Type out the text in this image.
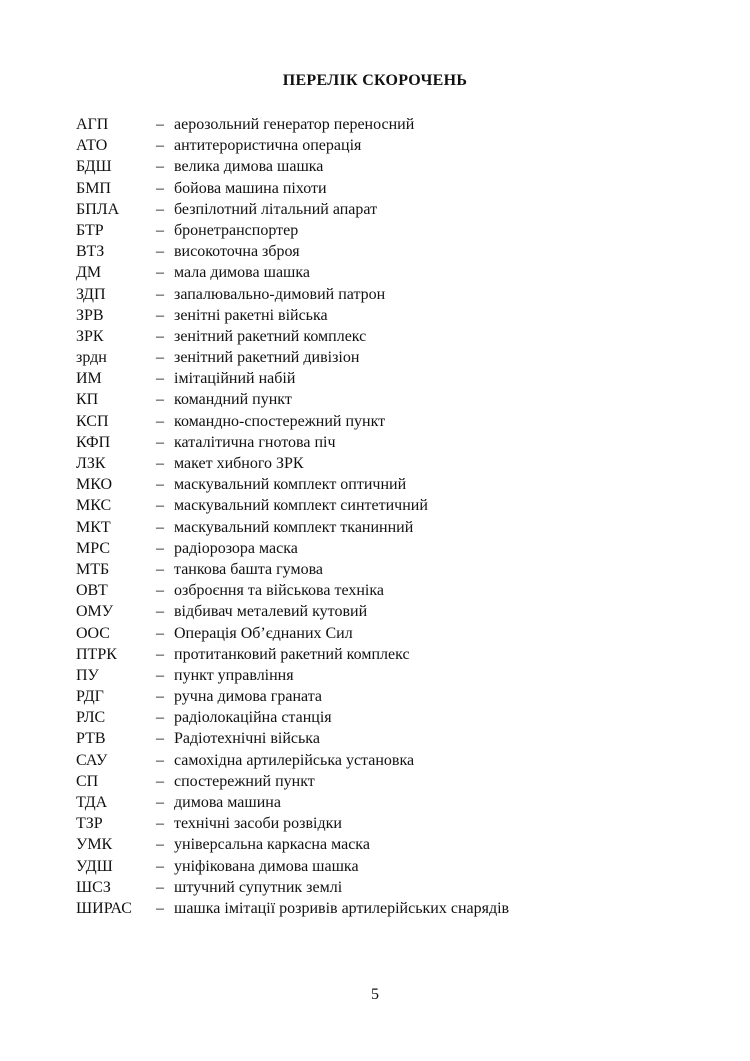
ПЕРЕЛІК СКОРОЧЕНЬ
АГП	– аерозольний генератор переносний
АТО	– антитерористична операція
БДШ	– велика димова шашка
БМП	– бойова машина піхоти
БПЛА – безпілотний літальний апарат
БТР	– бронетранспортер
ВТЗ	– високоточна зброя
ДМ	– мала димова шашка
ЗДП	– запалювально-димовий патрон
ЗРВ	– зенітні ракетні війська
ЗРК	– зенітний ракетний комплекс
зрдн	– зенітний ракетний дивізіон
ИМ	– імітаційний набій
КП	– командний пункт
КСП	– командно-спостережний пункт
КФП	– каталітична гнотова піч
ЛЗК	– макет хибного ЗРК
МКО	– маскувальний комплект оптичний
МКС	– маскувальний комплект синтетичний
МКТ	– маскувальний комплект тканинний
МРС	– радіорозора маска
МТБ	– танкова башта гумова
ОВТ	– озброєння та військова техніка
ОМУ	– відбивач металевий кутовий
ООС	– Операція Об’єднаних Сил
ПТРК – протитанковий ракетний комплекс
ПУ	– пункт управління
РДГ	– ручна димова граната
РЛС	– радіолокаційна станція
РТВ	– Радіотехнічні війська
САУ	– самохідна артилерійська установка
СП	– спостережний пункт
ТДА	– димова машина
ТЗР	– технічні засоби розвідки
УМК	– універсальна каркасна маска
УДШ	– уніфікована димова шашка
ШСЗ	– штучний супутник землі
ШИРАС – шашка імітації розривів артилерійських снарядів
5
